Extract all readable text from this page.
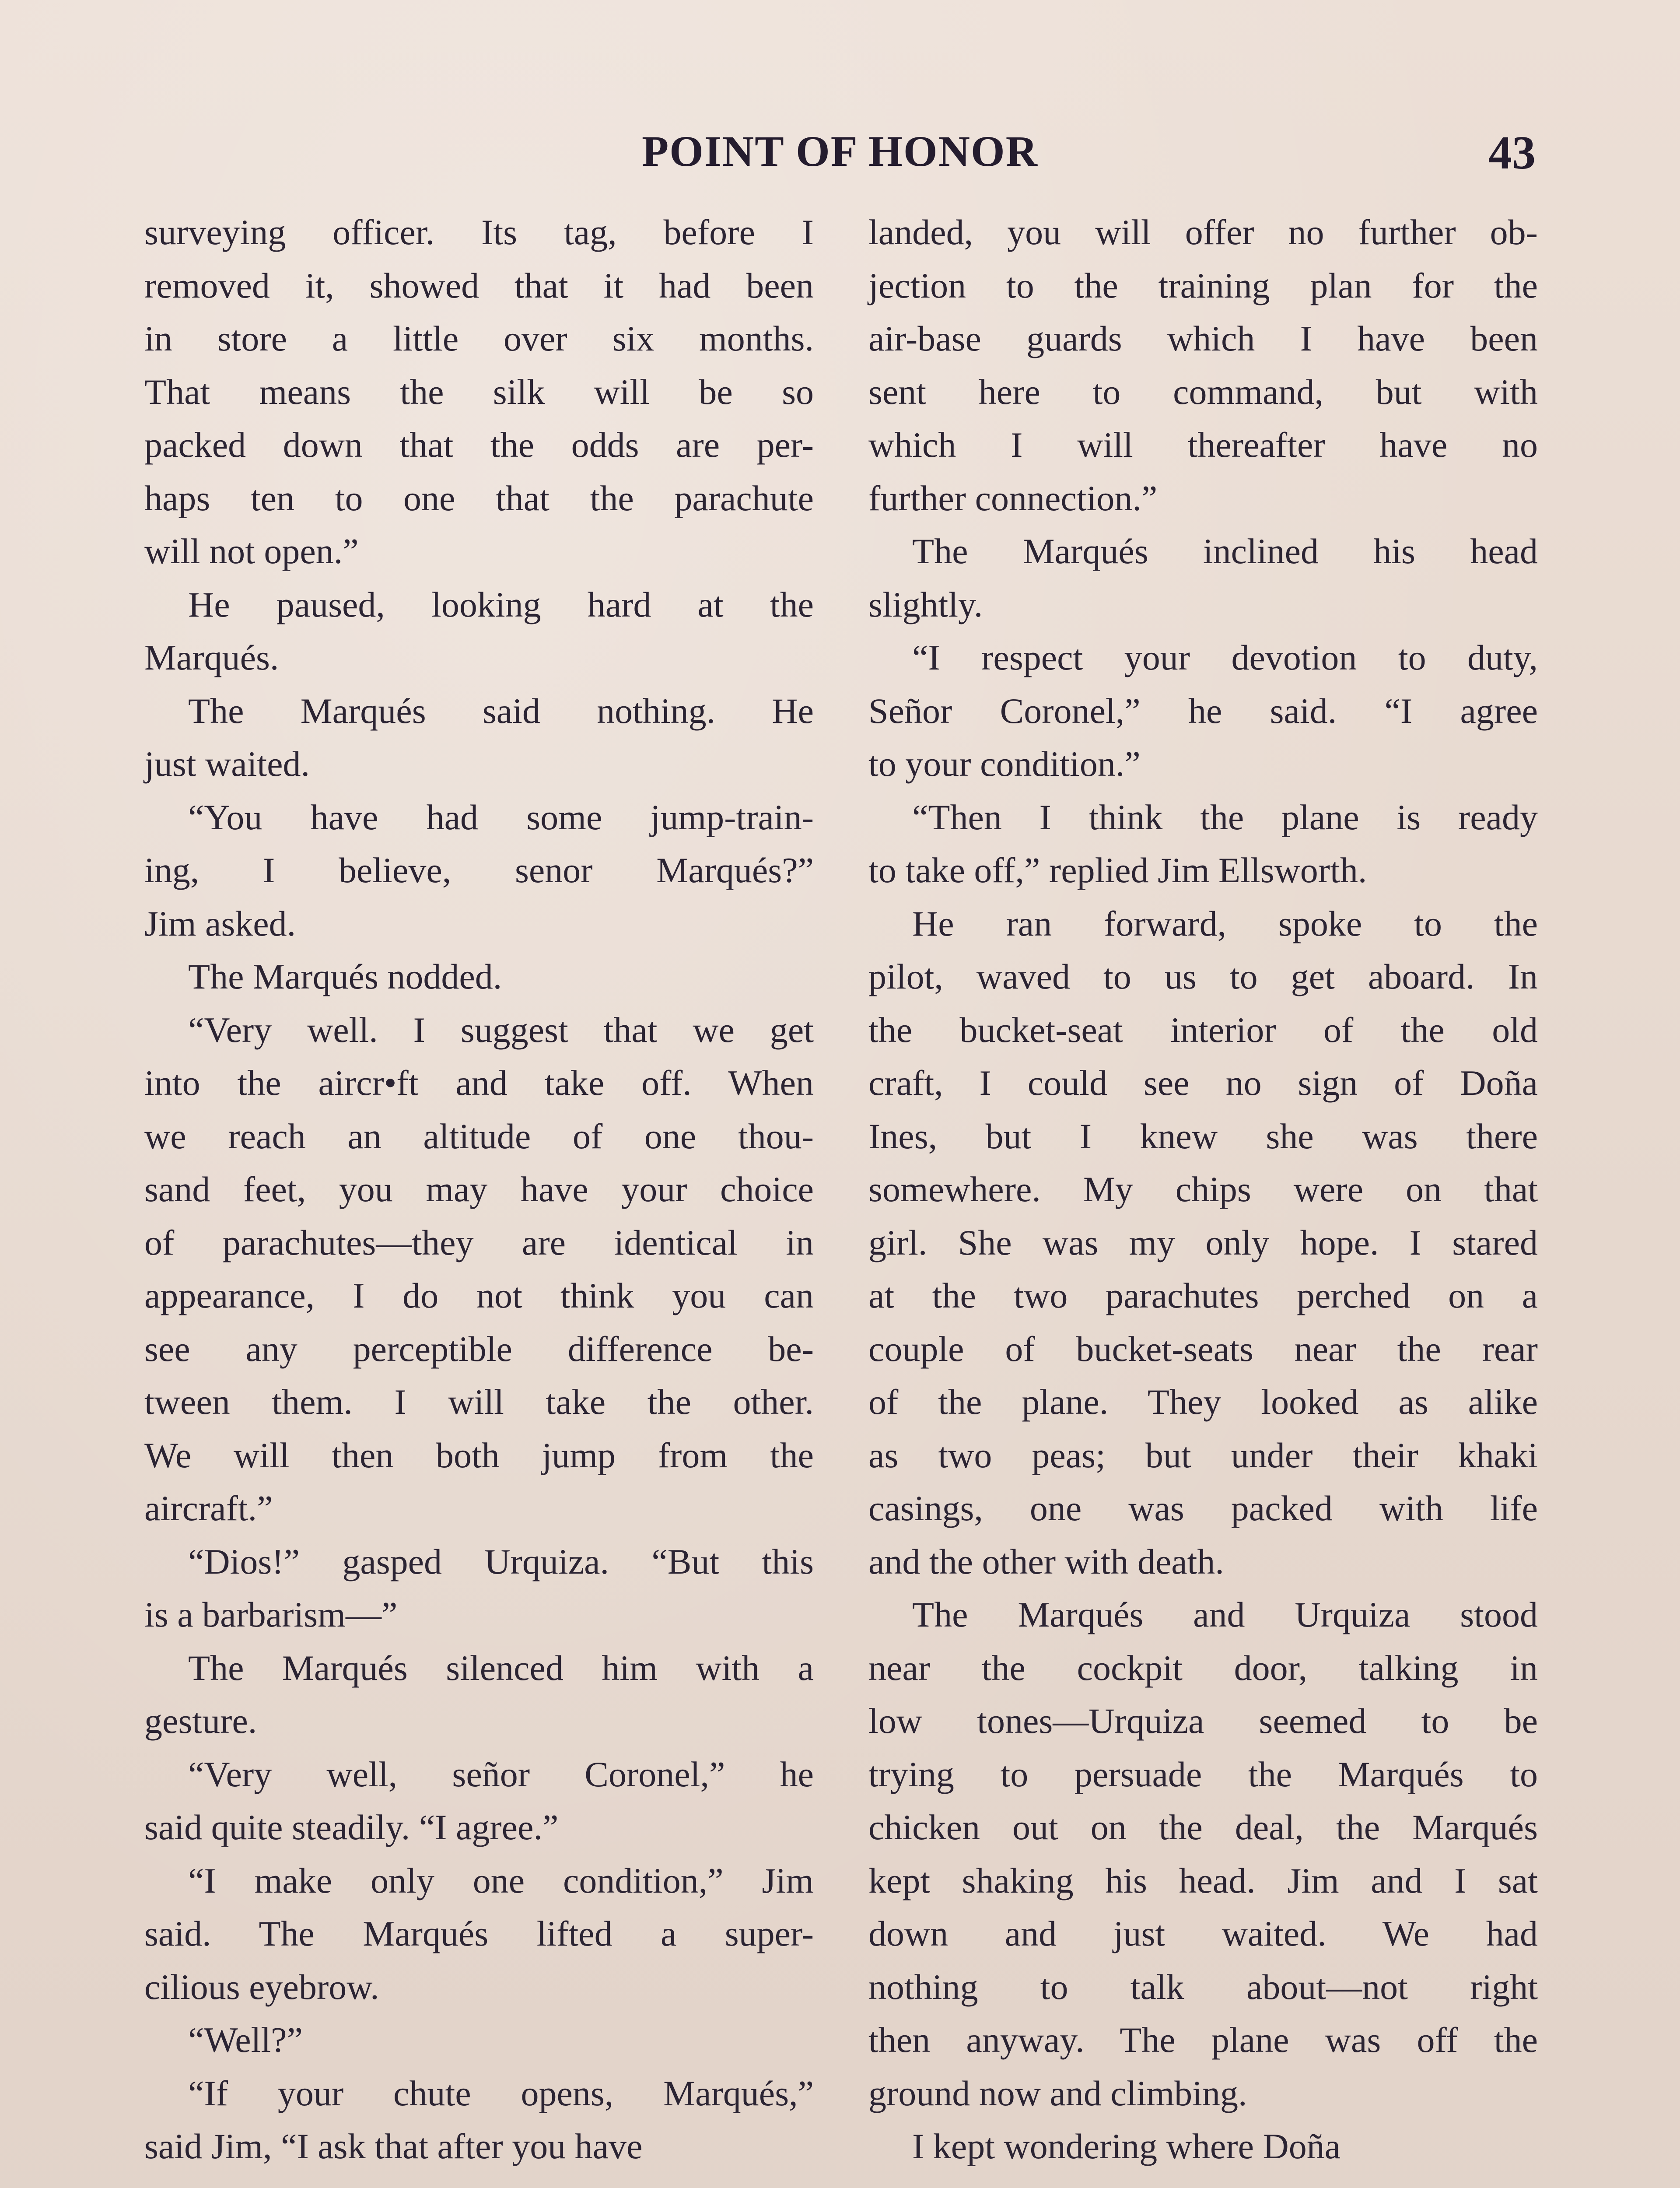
POINT OF HONOR	43
surveying officer. Its tag, before I
removed it, showed that it had been
in store a little over six months.
That means the silk will be so
packed down that the odds are per-
haps ten to one that the parachute
will not open.”
He paused, looking hard at the
Marqués.
The Marqués said nothing. He
just waited.
“You have had some jump-train-
ing, I believe, senor Marqués?”
Jim asked.
The Marqués nodded.
“Very well. I suggest that we get
into the aircr•ft and take off. When
we reach an altitude of one thou-
sand feet, you may have your choice
of parachutes—they are identical in
appearance, I do not think you can
see any perceptible difference be-
tween them. I will take the other.
We will then both jump from the
aircraft.”
“Dios!” gasped Urquiza. “But this
is a barbarism—”
The Marqués silenced him with a
gesture.
“Very well, señor Coronel,” he
said quite steadily. “I agree.”
“I make only one condition,” Jim
said. The Marqués lifted a super-
cilious eyebrow.
“Well?”
“If your chute opens, Marqués,”
said Jim, “I ask that after you have
landed, you will offer no further ob-
jection to the training plan for the
air-base guards which I have been
sent here to command, but with
which I will thereafter have no
further connection.”
The Marqués inclined his head
slightly.
“I respect your devotion to duty,
Señor Coronel,” he said. “I agree
to your condition.”
“Then I think the plane is ready
to take off,” replied Jim Ellsworth.
He ran forward, spoke to the
pilot, waved to us to get aboard. In
the bucket-seat interior of the old
craft, I could see no sign of Doña
Ines, but I knew she was there
somewhere. My chips were on that
girl. She was my only hope. I stared
at the two parachutes perched on a
couple of bucket-seats near the rear
of the plane. They looked as alike
as two peas; but under their khaki
casings, one was packed with life
and the other with death.
The Marqués and Urquiza stood
near the cockpit door, talking in
low tones—Urquiza seemed to be
trying to persuade the Marqués to
chicken out on the deal, the Marqués
kept shaking his head. Jim and I sat
down and just waited. We had
nothing to talk about—not right
then anyway. The plane was off the
ground now and climbing.
I kept wondering where Doña
